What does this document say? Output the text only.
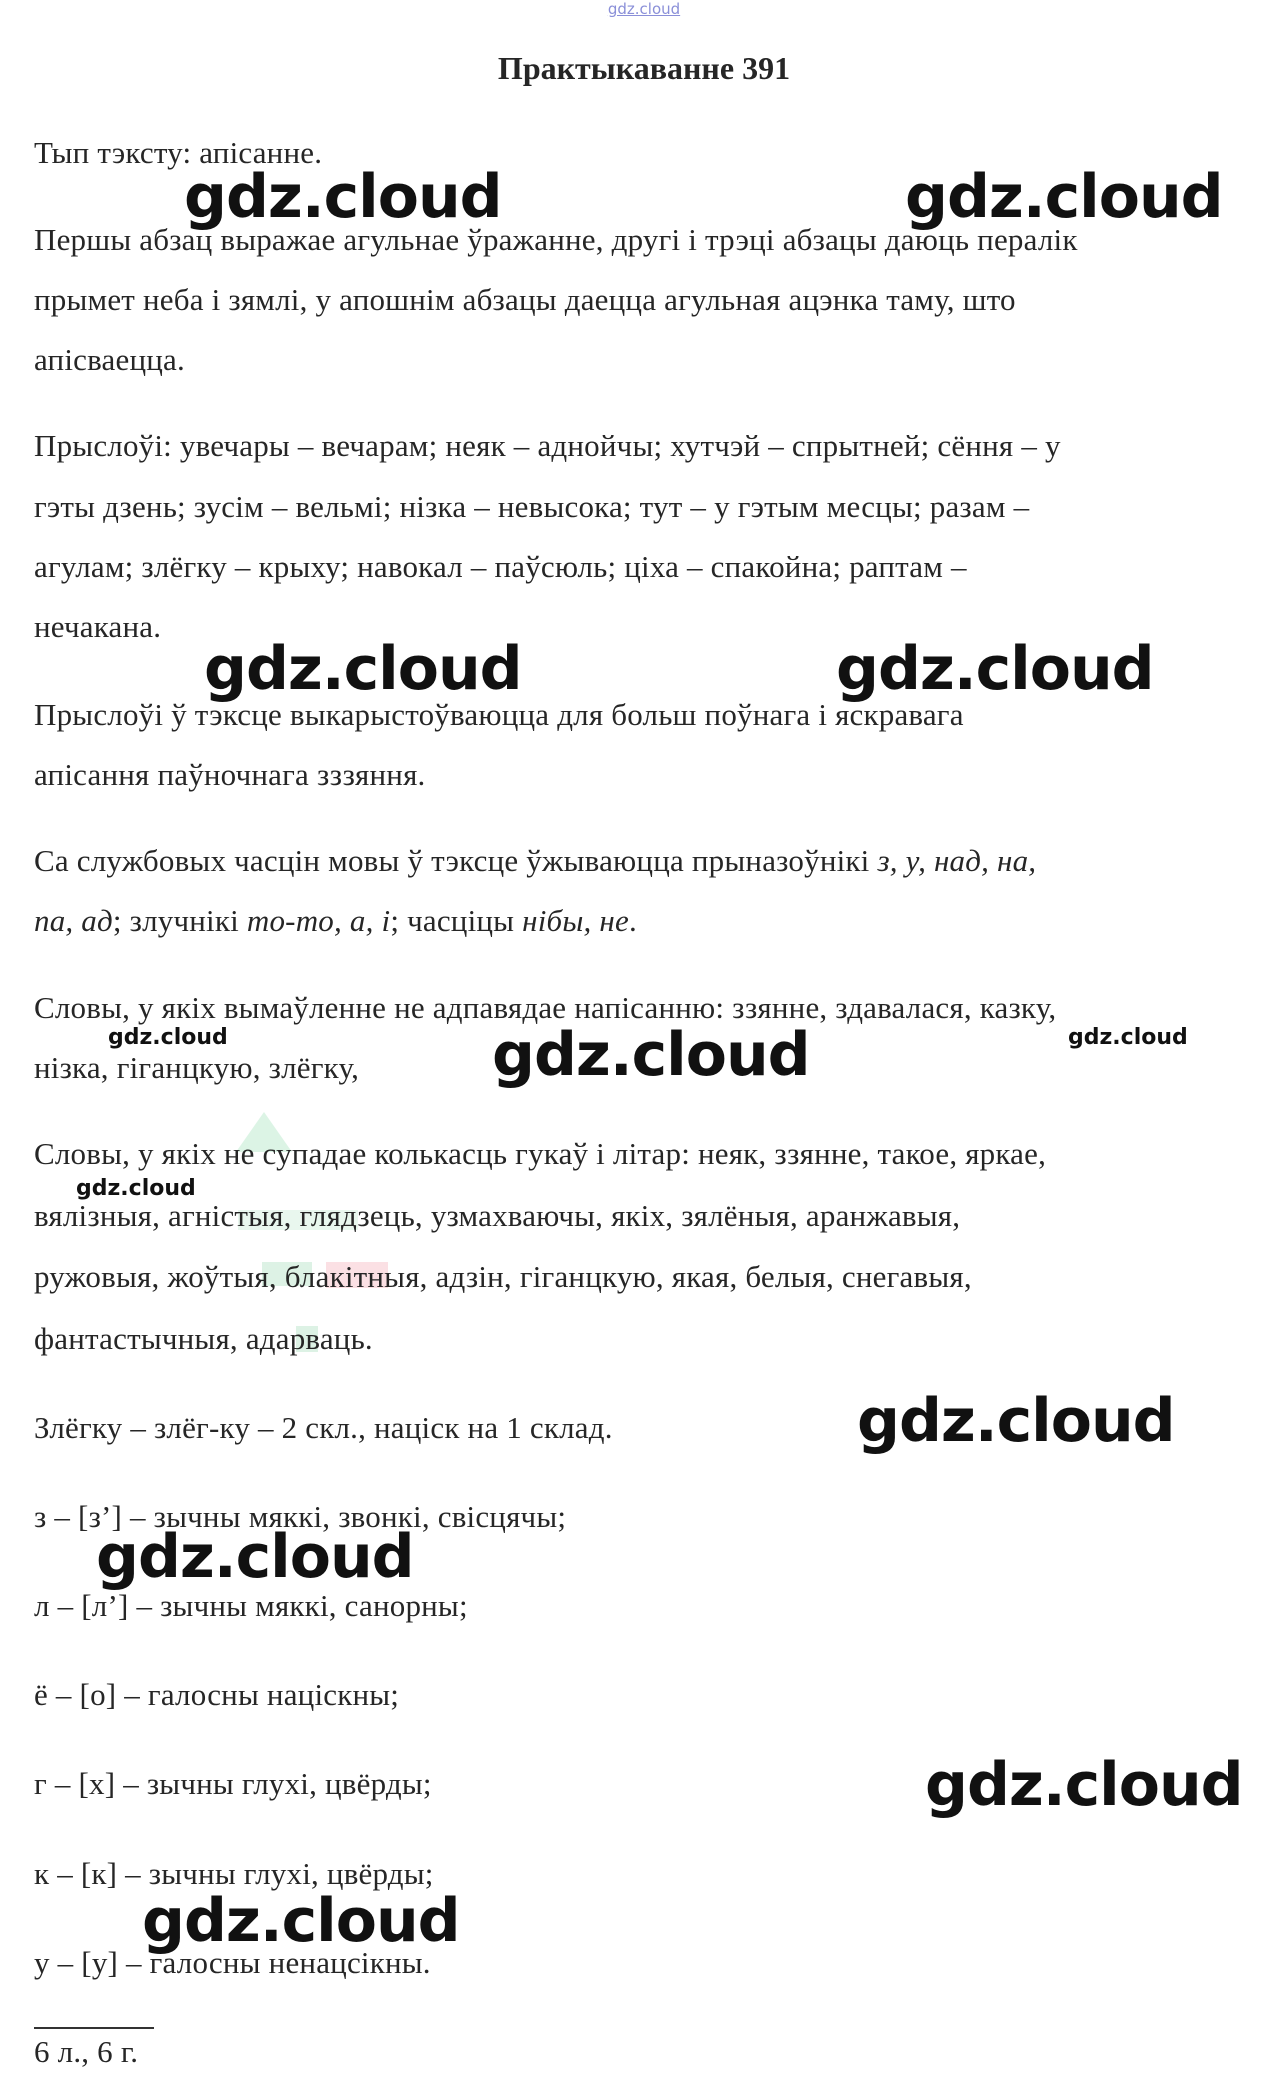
gdz.cloud
Практыкаванне 391
Тып тэксту: апісанне.
Першы абзац выражае агульнае ўражанне, другі і трэці абзацы даюць пералік
прымет неба і зямлі, у апошнім абзацы даецца агульная ацэнка таму, што
апісваецца.
Прыслоўі: увечары – вечарам; неяк – аднойчы; хутчэй – спрытней; сёння – у
гэты дзень; зусім – вельмі; нізка – невысока; тут – у гэтым месцы; разам –
агулам; злёгку – крыху; навокал – паўсюль; ціха – спакойна; раптам –
нечакана.
Прыслоўі ў тэксце выкарыстоўваюцца для больш поўнага і яскравага
апісання паўночнага зззяння.
Са службовых часцін мовы ў тэксце ўжываюцца прыназоўнікі з, у, над, на,
па, ад; злучнікі то-то, а, і; часціцы нібы, не.
Словы, у якіх вымаўленне не адпавядае напісанню: ззянне, здавалася, казку,
нізка, гіганцкую, злёгку,
Словы, у якіх не супадае колькасць гукаў і літар: неяк, ззянне, такое, яркае,
вялізныя, агністыя, глядзець, узмахваючы, якіх, зялёныя, аранжавыя,
ружовыя, жоўтыя, блакітныя, адзін, гіганцкую, якая, белыя, снегавыя,
фантастычныя, адарваць.
Злёгку – злёг-ку – 2 скл., націск на 1 склад.
з – [з’] – зычны мяккі, звонкі, свісцячы;
л – [л’] – зычны мяккі, санорны;
ё – [о] – галосны націскны;
г – [х] – зычны глухі, цвёрды;
к – [к] – зычны глухі, цвёрды;
у – [у] – галосны ненацсікны.
6 л., 6 г.
gdz.cloud	gdz.cloud
gdz.cloud	gdz.cloud
gdz.cloud	gdz.cloud
gdz.cloud
gdz.cloud
gdz.cloud
gdz.cloud
gdz.cloud
gdz.cloud
